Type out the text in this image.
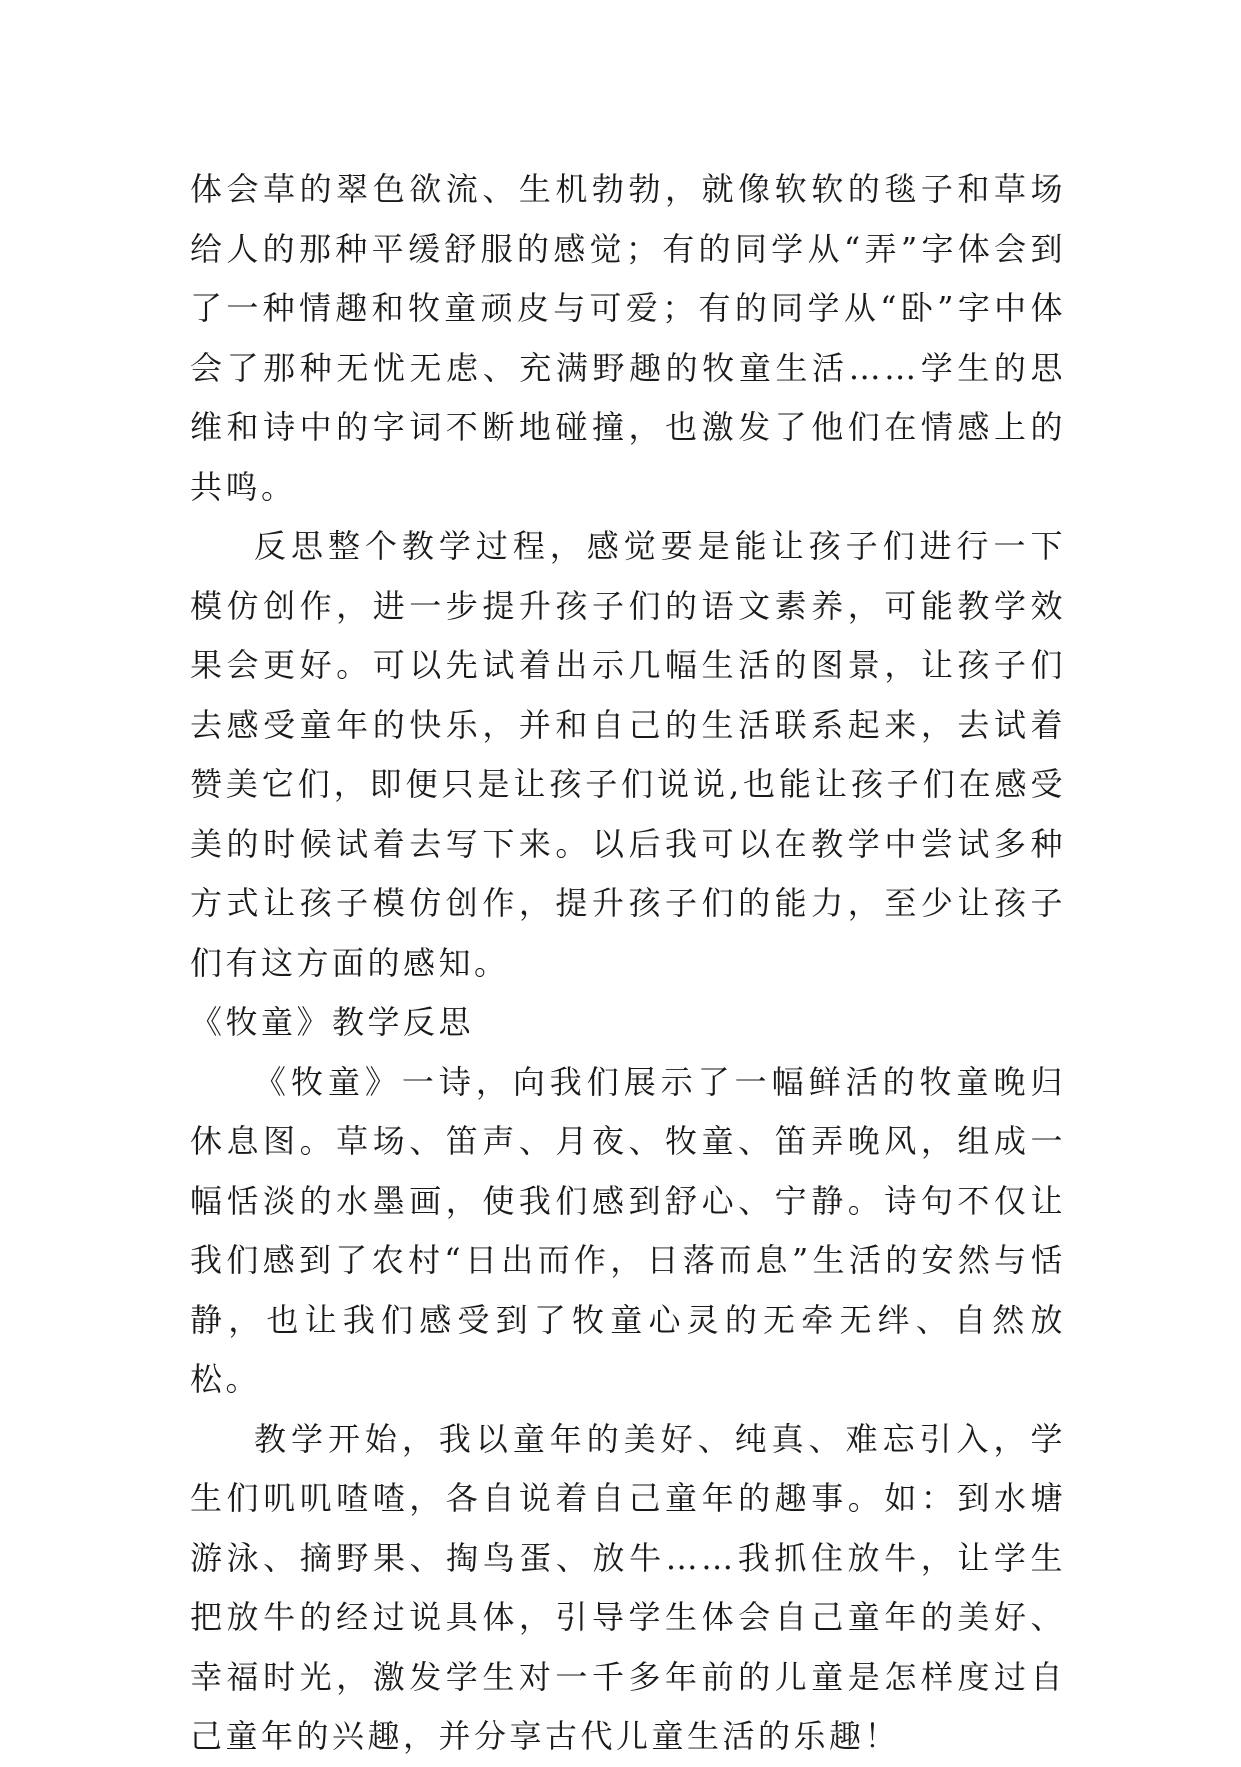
体会草的翠色欲流、生机勃勃，就像软软的毯子和草场给人的那种平缓舒服的感觉；有的同学从“弄”字体会到了一种情趣和牧童顽皮与可爱；有的同学从“卧”字中体会了那种无忧无虑、充满野趣的牧童生活……学生的思维和诗中的字词不断地碰撞，也激发了他们在情感上的共鸣。

反思整个教学过程，感觉要是能让孩子们进行一下模仿创作，进一步提升孩子们的语文素养，可能教学效果会更好。可以先试着出示几幅生活的图景，让孩子们去感受童年的快乐，并和自己的生活联系起来，去试着赞美它们，即便只是让孩子们说说,也能让孩子们在感受美的时候试着去写下来。以后我可以在教学中尝试多种方式让孩子模仿创作，提升孩子们的能力，至少让孩子们有这方面的感知。

《牧童》教学反思

《牧童》一诗，向我们展示了一幅鲜活的牧童晚归休息图。草场、笛声、月夜、牧童、笛弄晚风，组成一幅恬淡的水墨画，使我们感到舒心、宁静。诗句不仅让我们感到了农村“日出而作，日落而息”生活的安然与恬静，也让我们感受到了牧童心灵的无牵无绊、自然放松。

教学开始，我以童年的美好、纯真、难忘引入，学生们叽叽喳喳，各自说着自己童年的趣事。如：到水塘游泳、摘野果、掏鸟蛋、放牛……我抓住放牛，让学生把放牛的经过说具体，引导学生体会自己童年的美好、幸福时光，激发学生对一千多年前的儿童是怎样度过自己童年的兴趣，并分享古代儿童生活的乐趣！
